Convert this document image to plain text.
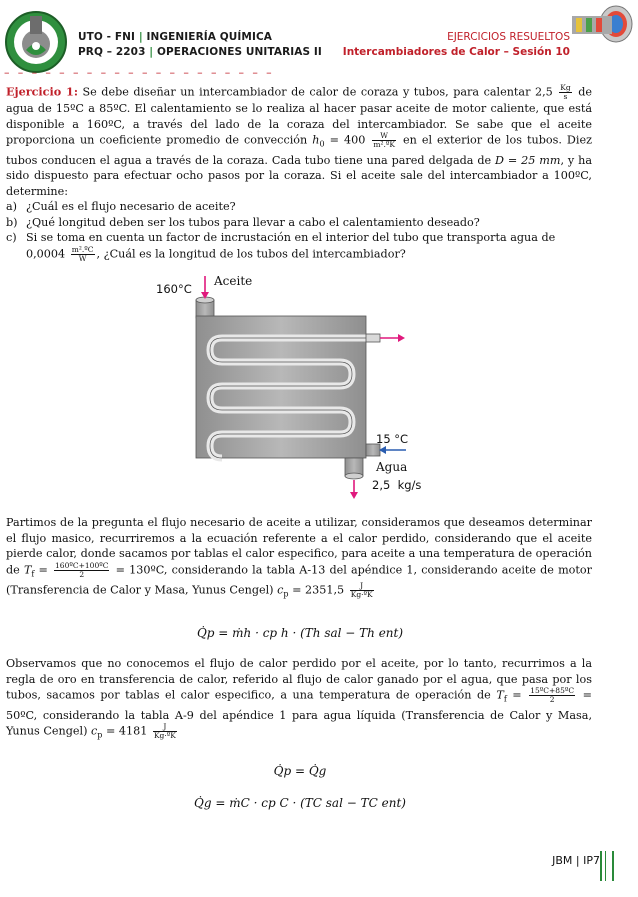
UTO - FNI | INGENIERÍA QUÍMICA
PRQ – 2203 | OPERACIONES UNITARIAS II
EJERCICIOS RESUELTOS
Intercambiadores de Calor – Sesión 10
– – – – – – – – – – – – – – – – – – – –
Ejercicio 1: Se debe diseñar un intercambiador de calor de coraza y tubos, para calentar $2,5 \frac{Kg}{s}$ de agua de 15ºC a 85ºC. El calentamiento se lo realiza al hacer pasar aceite de motor caliente, que está disponible a 160ºC, a través del lado de la coraza del intercambiador. Se sabe que el aceite proporciona un coeficiente promedio de convección $h_0 = 400 \frac{W}{\text{m².ºK}}$ en el exterior de los tubos. Diez tubos conducen el agua a través de la coraza. Cada tubo tiene una pared delgada de D = 25 mm, y ha sido dispuesto para efectuar ocho pasos por la coraza. Si el aceite sale del intercambiador a 100ºC, determine:
a) ¿Cuál es el flujo necesario de aceite?
b) ¿Qué longitud deben ser los tubos para llevar a cabo el calentamiento deseado?
c) Si se toma en cuenta un factor de incrustación en el interior del tubo que transporta agua de
$0,0004 \frac{\text{m².ºC}}{W}$ , ¿Cuál es la longitud de los tubos del intercambiador?
160°C
Aceite
15 °C
Agua
2,5  kg/s
Partimos de la pregunta el flujo necesario de aceite a utilizar, consideramos que deseamos determinar el flujo masico, recurriremos a la ecuación referente a el calor perdido, considerando que el aceite pierde calor, donde sacamos por tablas el calor especifico, para aceite a una temperatura de operación de $T_f = \frac{\text{160ºC+100ºC}}{2}$ = 130ºC, considerando la tabla A-13 del apéndice 1, considerando aceite de motor (Transferencia de Calor y Masa, Yunus Cengel) $c_p = 2351,5 \frac{J}{\text{Kg·ºK}}$
Q̇p = ṁh · cp h · (Th sal − Th ent)
Observamos que no conocemos el flujo de calor perdido por el aceite, por lo tanto, recurrimos a la regla de oro en transferencia de calor, referido al flujo de calor ganado por el agua, que pasa por los tubos, sacamos por tablas el calor especifico, a una temperatura de operación de $T_f = \frac{\text{15ºC+85ºC}}{2}$ = 50ºC, considerando la tabla A-9 del apéndice 1 para agua líquida (Transferencia de Calor y Masa, Yunus Cengel) $c_p = 4181 \frac{J}{\text{Kg·ºK}}$
Q̇p = Q̇g
Q̇g = ṁC · cp C · (TC sal − TC ent)
JBM | IP7
